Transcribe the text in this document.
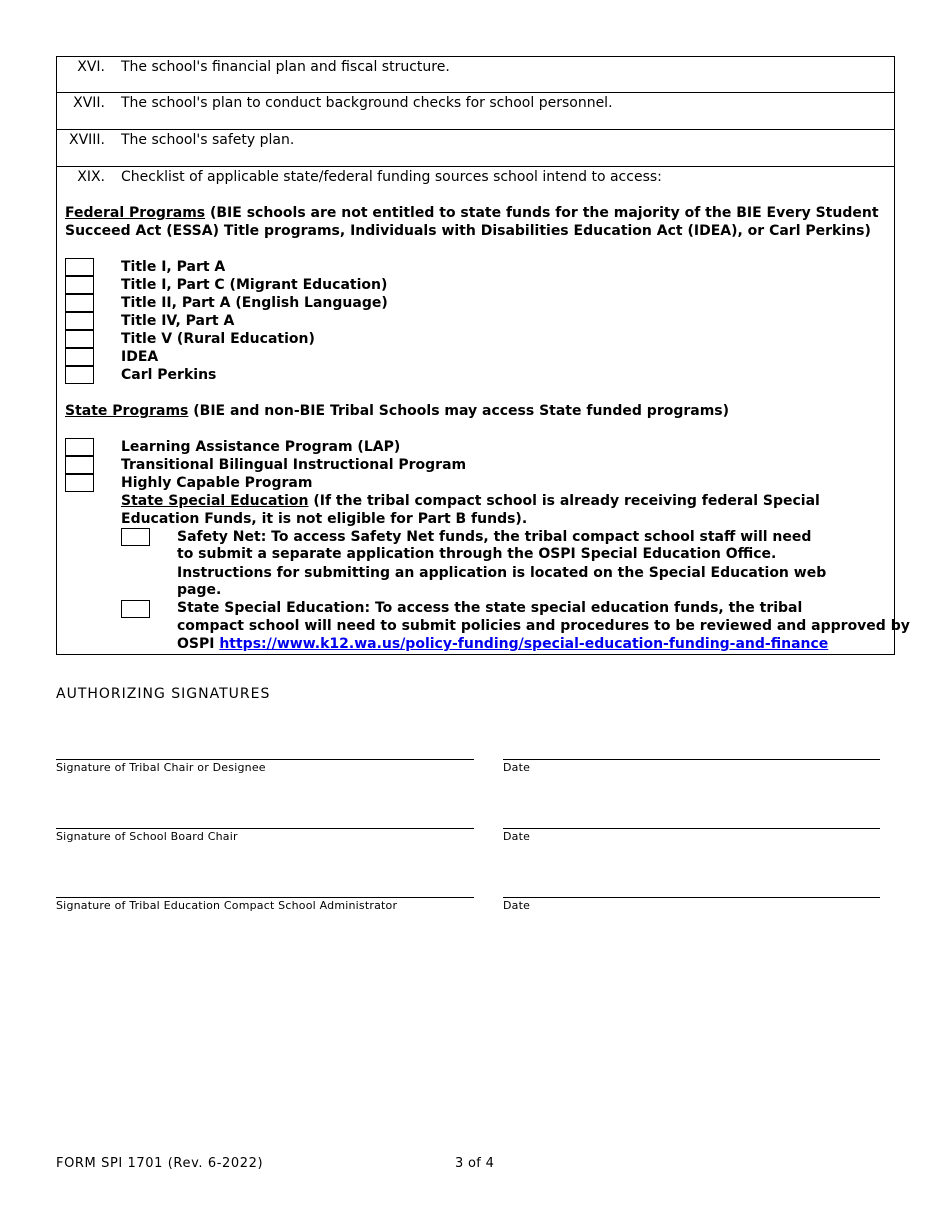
XVI. The school's financial plan and fiscal structure.
XVII. The school's plan to conduct background checks for school personnel.
XVIII. The school's safety plan.
XIX. Checklist of applicable state/federal funding sources school intend to access:
Federal Programs (BIE schools are not entitled to state funds for the majority of the BIE Every Student
Succeed Act (ESSA) Title programs, Individuals with Disabilities Education Act (IDEA), or Carl Perkins)
Title I, Part A
Title I, Part C (Migrant Education)
Title II, Part A (English Language)
Title IV, Part A
Title V (Rural Education)
IDEA
Carl Perkins
State Programs (BIE and non-BIE Tribal Schools may access State funded programs)
Learning Assistance Program (LAP)
Transitional Bilingual Instructional Program
Highly Capable Program
State Special Education (If the tribal compact school is already receiving federal Special
Education Funds, it is not eligible for Part B funds).
Safety Net: To access Safety Net funds, the tribal compact school staff will need
to submit a separate application through the OSPI Special Education Office.
Instructions for submitting an application is located on the Special Education web
page.
State Special Education: To access the state special education funds, the tribal
compact school will need to submit policies and procedures to be reviewed and approved by
OSPI https://www.k12.wa.us/policy-funding/special-education-funding-and-finance
AUTHORIZING SIGNATURES
Signature of Tribal Chair or Designee	Date
Signature of School Board Chair	Date
Signature of Tribal Education Compact School Administrator	Date
FORM SPI 1701 (Rev. 6-2022)	3 of 4
